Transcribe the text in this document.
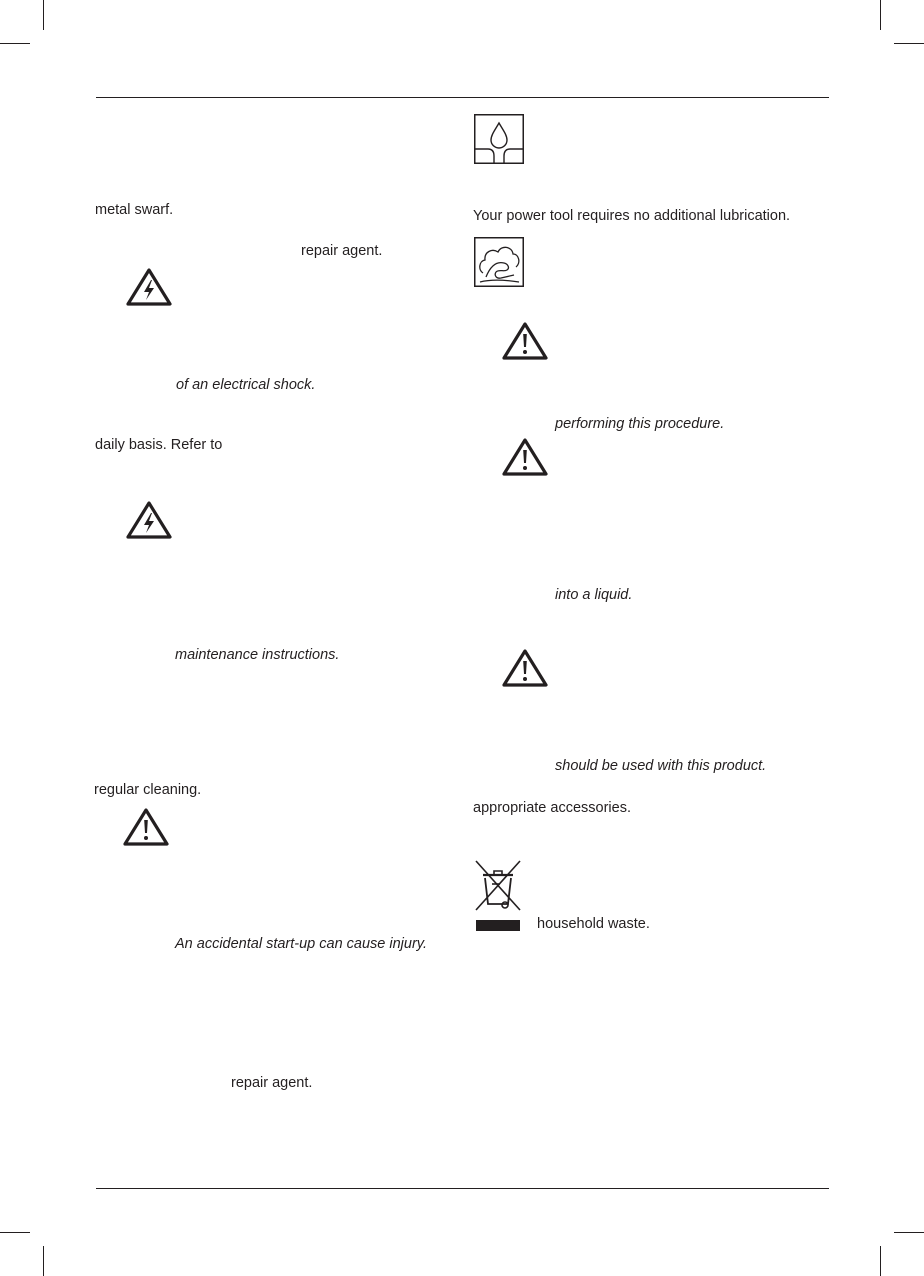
metal swarf.
repair agent.
of an electrical shock.
daily basis. Refer to
maintenance instructions.
regular cleaning.
An accidental start-up can cause injury.
repair agent.
Your power tool requires no additional lubrication.
performing this procedure.
into a liquid.
should be used with this product.
appropriate accessories.
household waste.
